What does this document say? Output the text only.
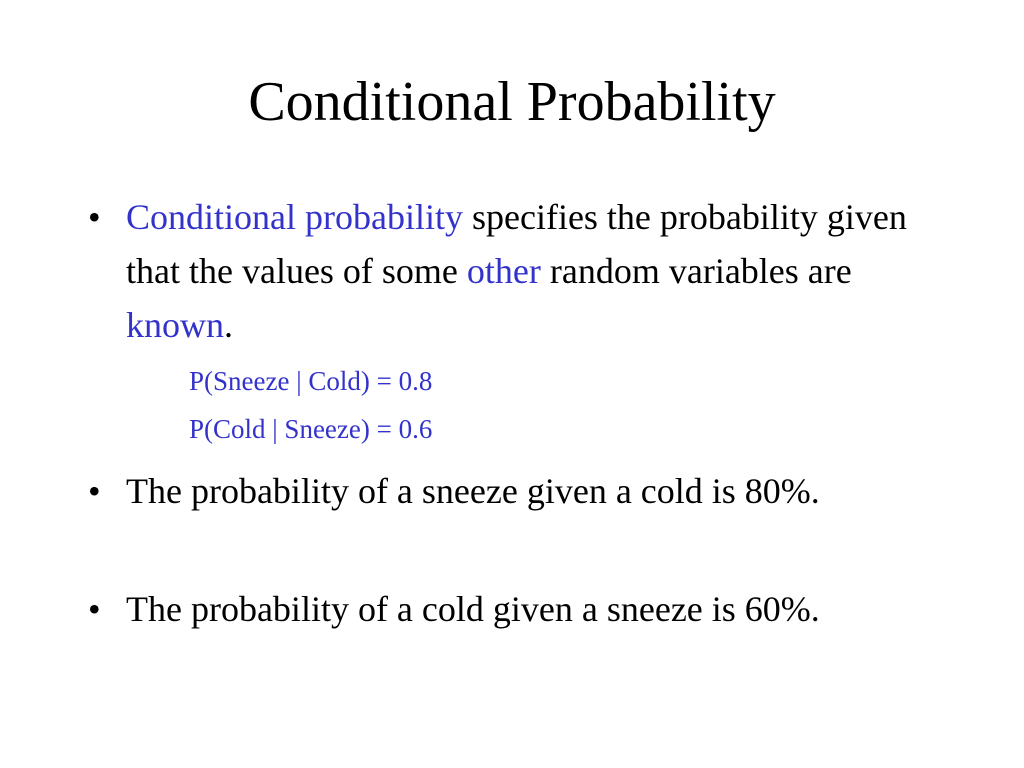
Conditional Probability
• Conditional probability specifies the probability given that the values of some other random variables are known.
P(Sneeze | Cold) = 0.8
P(Cold | Sneeze) = 0.6
• The probability of a sneeze given a cold is 80%.
• The probability of a cold given a sneeze is 60%.
